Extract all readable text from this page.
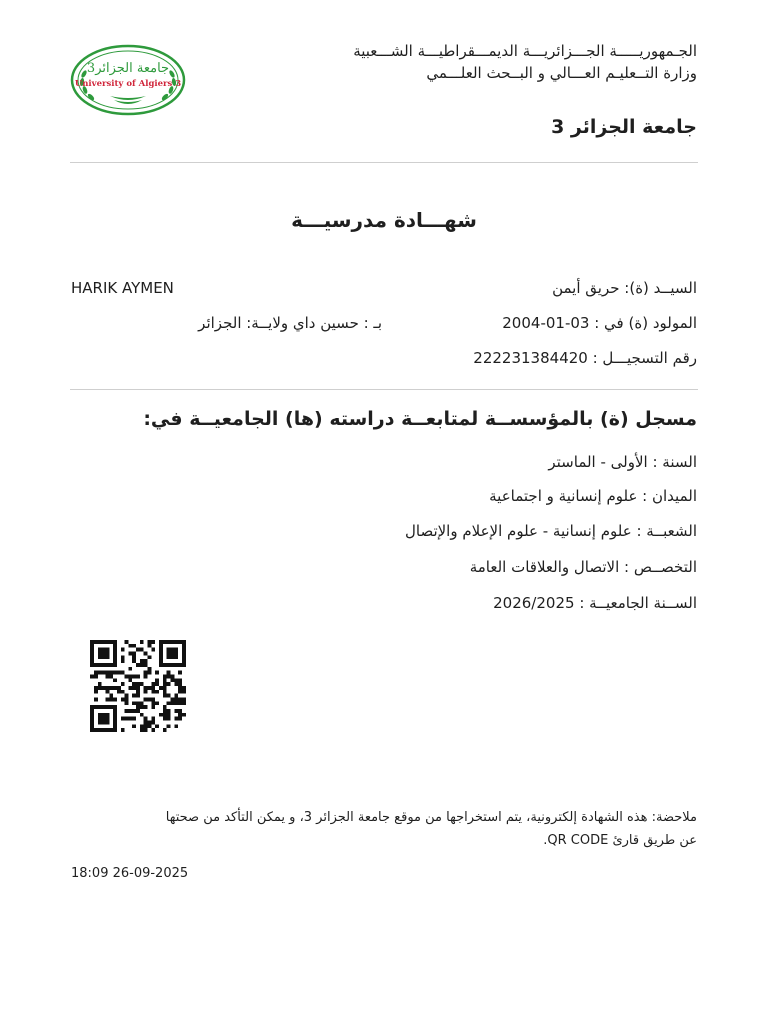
جامعة الجزائر3
University of Algiers 3
الجـمهوريـــــة الجـــزائريـــة الديمـــقراطيـــة الشـــعبية
وزارة التــعليـم العـــالي و البــحث العلـــمي
جامعة الجزائر 3
شهـــادة مدرسيـــة
السيــد (ة): حريق أيمن
HARIK AYMEN
المولود (ة) في : 2004-01-03
بـ : حسين داي ولايــة: الجزائر
رقم التسجيـــل : 222231384420
مسجل (ة) بالمؤسســة لمتابعــة دراسته (ها) الجامعيــة في:
السنة : الأولى - الماستر
الميدان : علوم إنسانية و اجتماعية
الشعبــة : علوم إنسانية - علوم الإعلام والإتصال
التخصــص : الاتصال والعلاقات العامة
الســنة الجامعيــة : 2026/2025
ملاحضة: هذه الشهادة إلكترونية، يتم استخراجها من موقع جامعة الجزائر 3، و يمكن التأكد من صحتها
عن طريق قارئ QR CODE.
18:09 26-09-2025
